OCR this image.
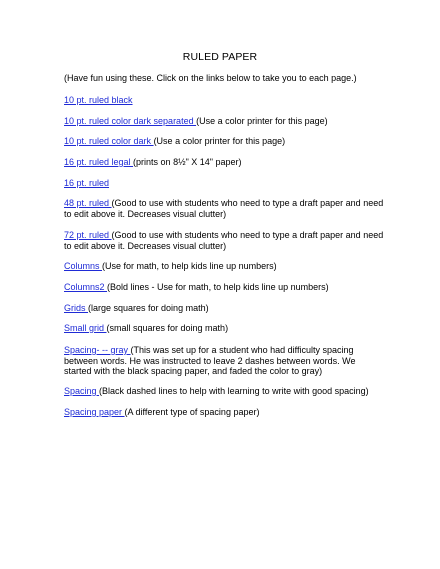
RULED PAPER
(Have fun using these. Click on the links below to take you to each page.)
10 pt. ruled black
10 pt. ruled color dark separated (Use a color printer for this page)
10 pt. ruled color dark (Use a color printer for this page)
16 pt. ruled legal (prints on 8½" X 14" paper)
16 pt. ruled
48 pt. ruled (Good to use with students who need to type a draft paper and need to edit above it. Decreases visual clutter)
72 pt. ruled (Good to use with students who need to type a draft paper and need to edit above it. Decreases visual clutter)
Columns (Use for math, to help kids line up numbers)
Columns2 (Bold lines - Use for math, to help kids line up numbers)
Grids (large squares for doing math)
Small grid (small squares for doing math)
Spacing- -- gray (This was set up for a student who had difficulty spacing between words. He was instructed to leave 2 dashes between words. We started with the black spacing paper, and faded the color to gray)
Spacing (Black dashed lines to help with learning to write with good spacing)
Spacing paper (A different type of spacing paper)
